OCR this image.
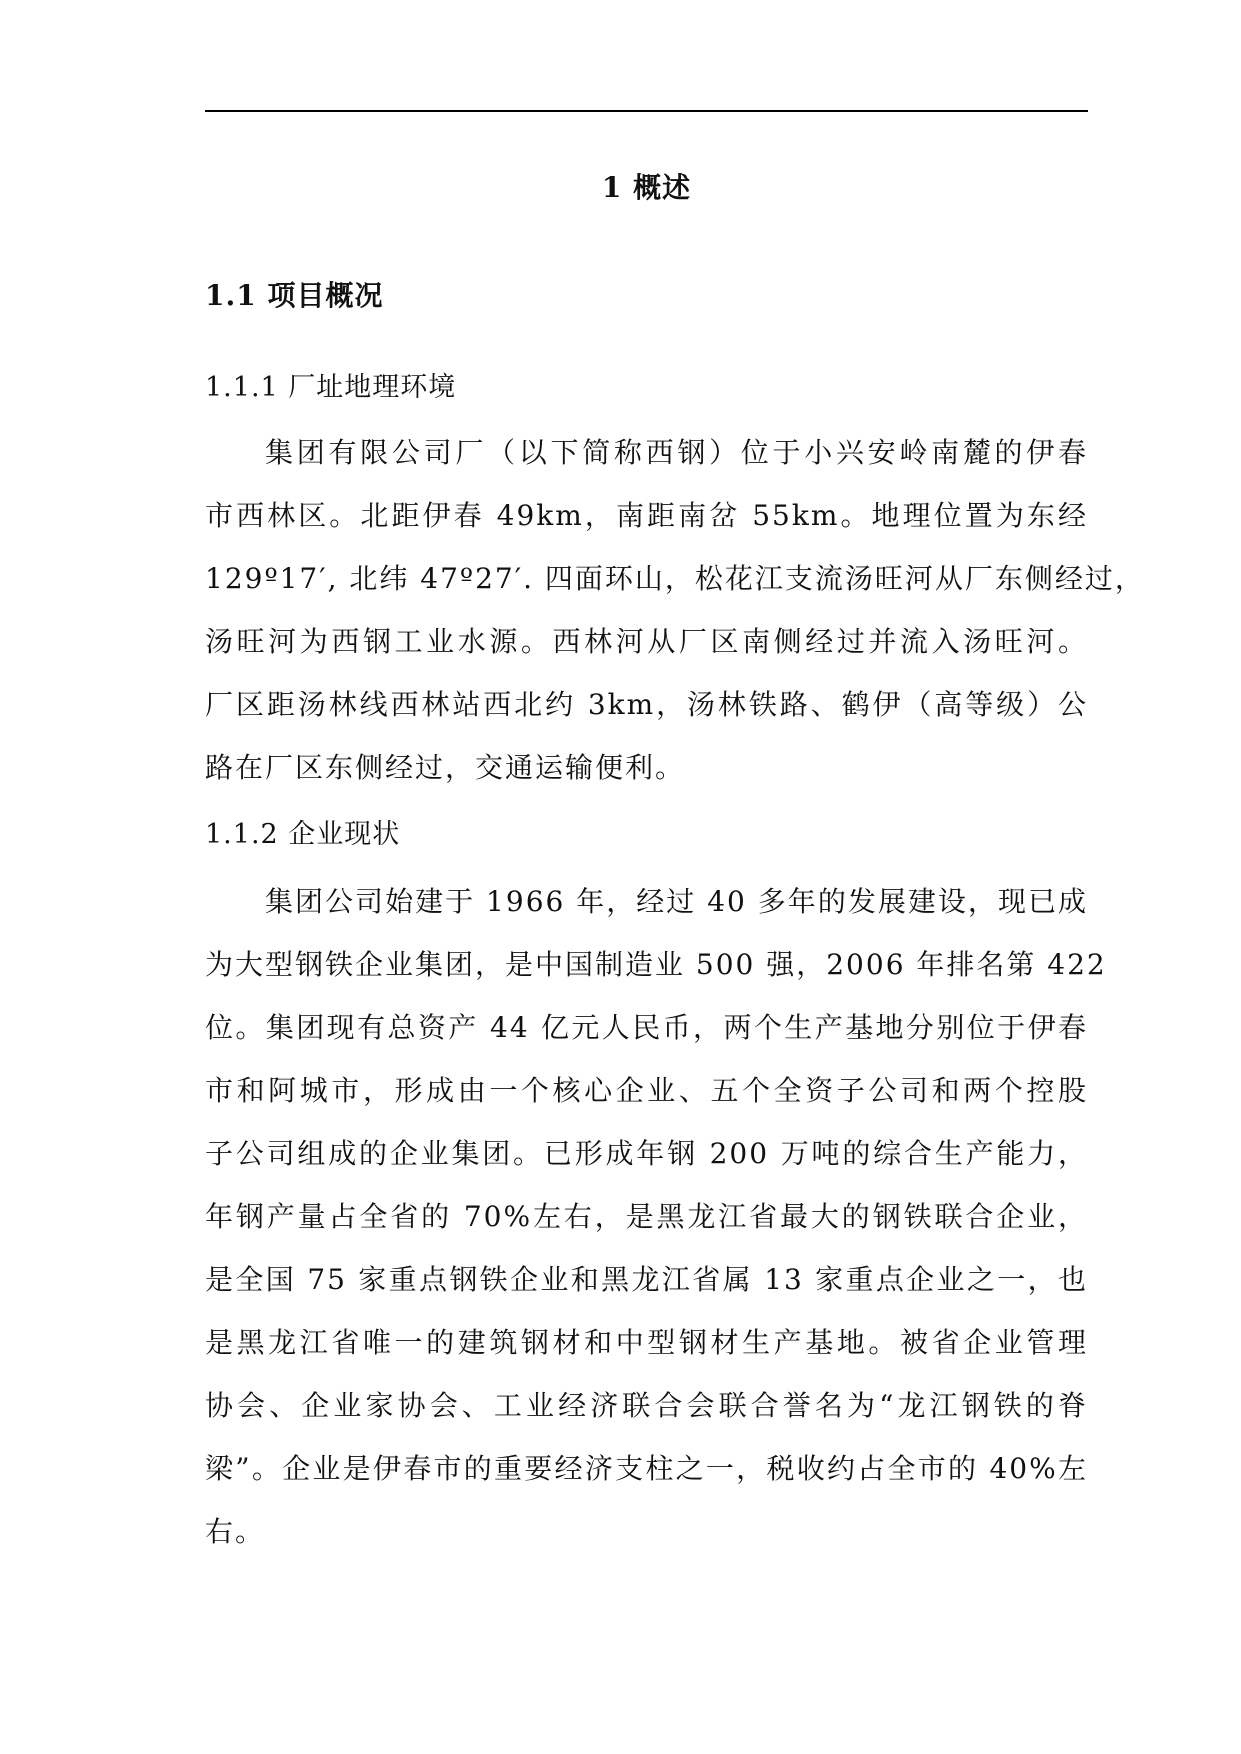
1 概述
1.1 项目概况
1.1.1 厂址地理环境
集团有限公司厂（以下简称西钢）位于小兴安岭南麓的伊春
市西林区。北距伊春 49km，南距南岔 55km。地理位置为东经
129º17′, 北纬 47º27′. 四面环山，松花江支流汤旺河从厂东侧经过，
汤旺河为西钢工业水源。西林河从厂区南侧经过并流入汤旺河。
厂区距汤林线西林站西北约 3km，汤林铁路、鹤伊（高等级）公
路在厂区东侧经过，交通运输便利。
1.1.2 企业现状
集团公司始建于 1966 年，经过 40 多年的发展建设，现已成
为大型钢铁企业集团，是中国制造业 500 强，2006 年排名第 422
位。集团现有总资产 44 亿元人民币，两个生产基地分别位于伊春
市和阿城市，形成由一个核心企业、五个全资子公司和两个控股
子公司组成的企业集团。已形成年钢 200 万吨的综合生产能力，
年钢产量占全省的 70%左右，是黑龙江省最大的钢铁联合企业，
是全国 75 家重点钢铁企业和黑龙江省属 13 家重点企业之一，也
是黑龙江省唯一的建筑钢材和中型钢材生产基地。被省企业管理
协会、企业家协会、工业经济联合会联合誉名为“龙江钢铁的脊
梁”。企业是伊春市的重要经济支柱之一，税收约占全市的 40%左
右。
